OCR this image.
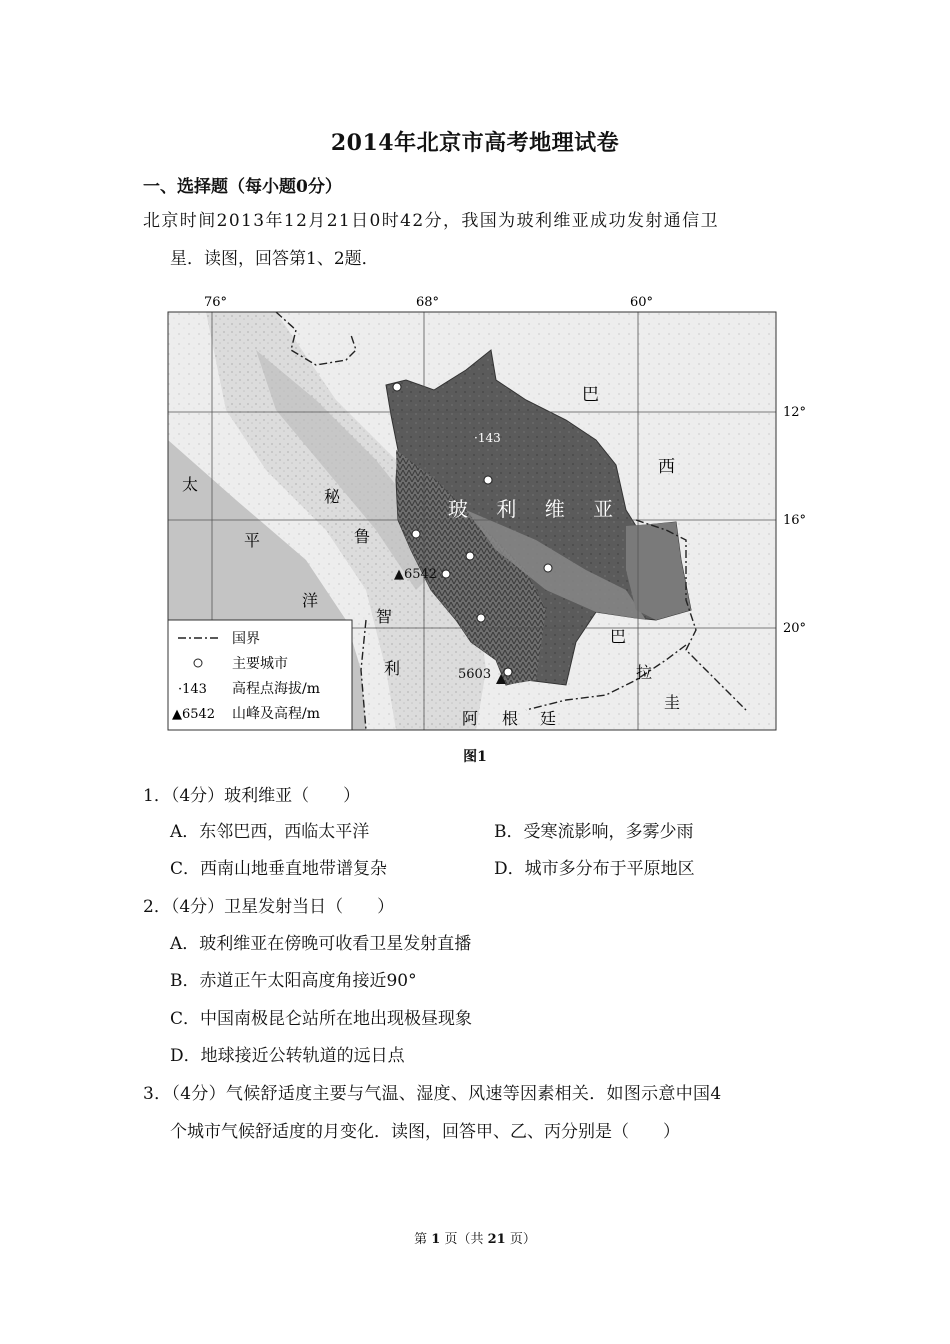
2014年北京市高考地理试卷
一、选择题（每小题0分）
北京时间2013年12月21日0时42分，我国为玻利维亚成功发射通信卫
星．读图，回答第1、2题．
76°	68°	60°
12°
16°
20°
玻 利 维 亚
巴
西
秘
鲁
太
平
洋
智
利
巴
拉
圭
阿 根 廷
·143
▲6542
5603
国界
主要城市
·143 高程点海拔/m
▲6542 山峰及高程/m
图1
1．（4分）玻利维亚（　　）
A．东邻巴西，西临太平洋	B．受寒流影响，多雾少雨
C．西南山地垂直地带谱复杂	D．城市多分布于平原地区
2．（4分）卫星发射当日（　　）
A．玻利维亚在傍晚可收看卫星发射直播
B．赤道正午太阳高度角接近90°
C．中国南极昆仑站所在地出现极昼现象
D．地球接近公转轨道的远日点
3．（4分）气候舒适度主要与气温、湿度、风速等因素相关．如图示意中国4
个城市气候舒适度的月变化．读图，回答甲、乙、丙分别是（　　）
第 1 页（共 21 页）
